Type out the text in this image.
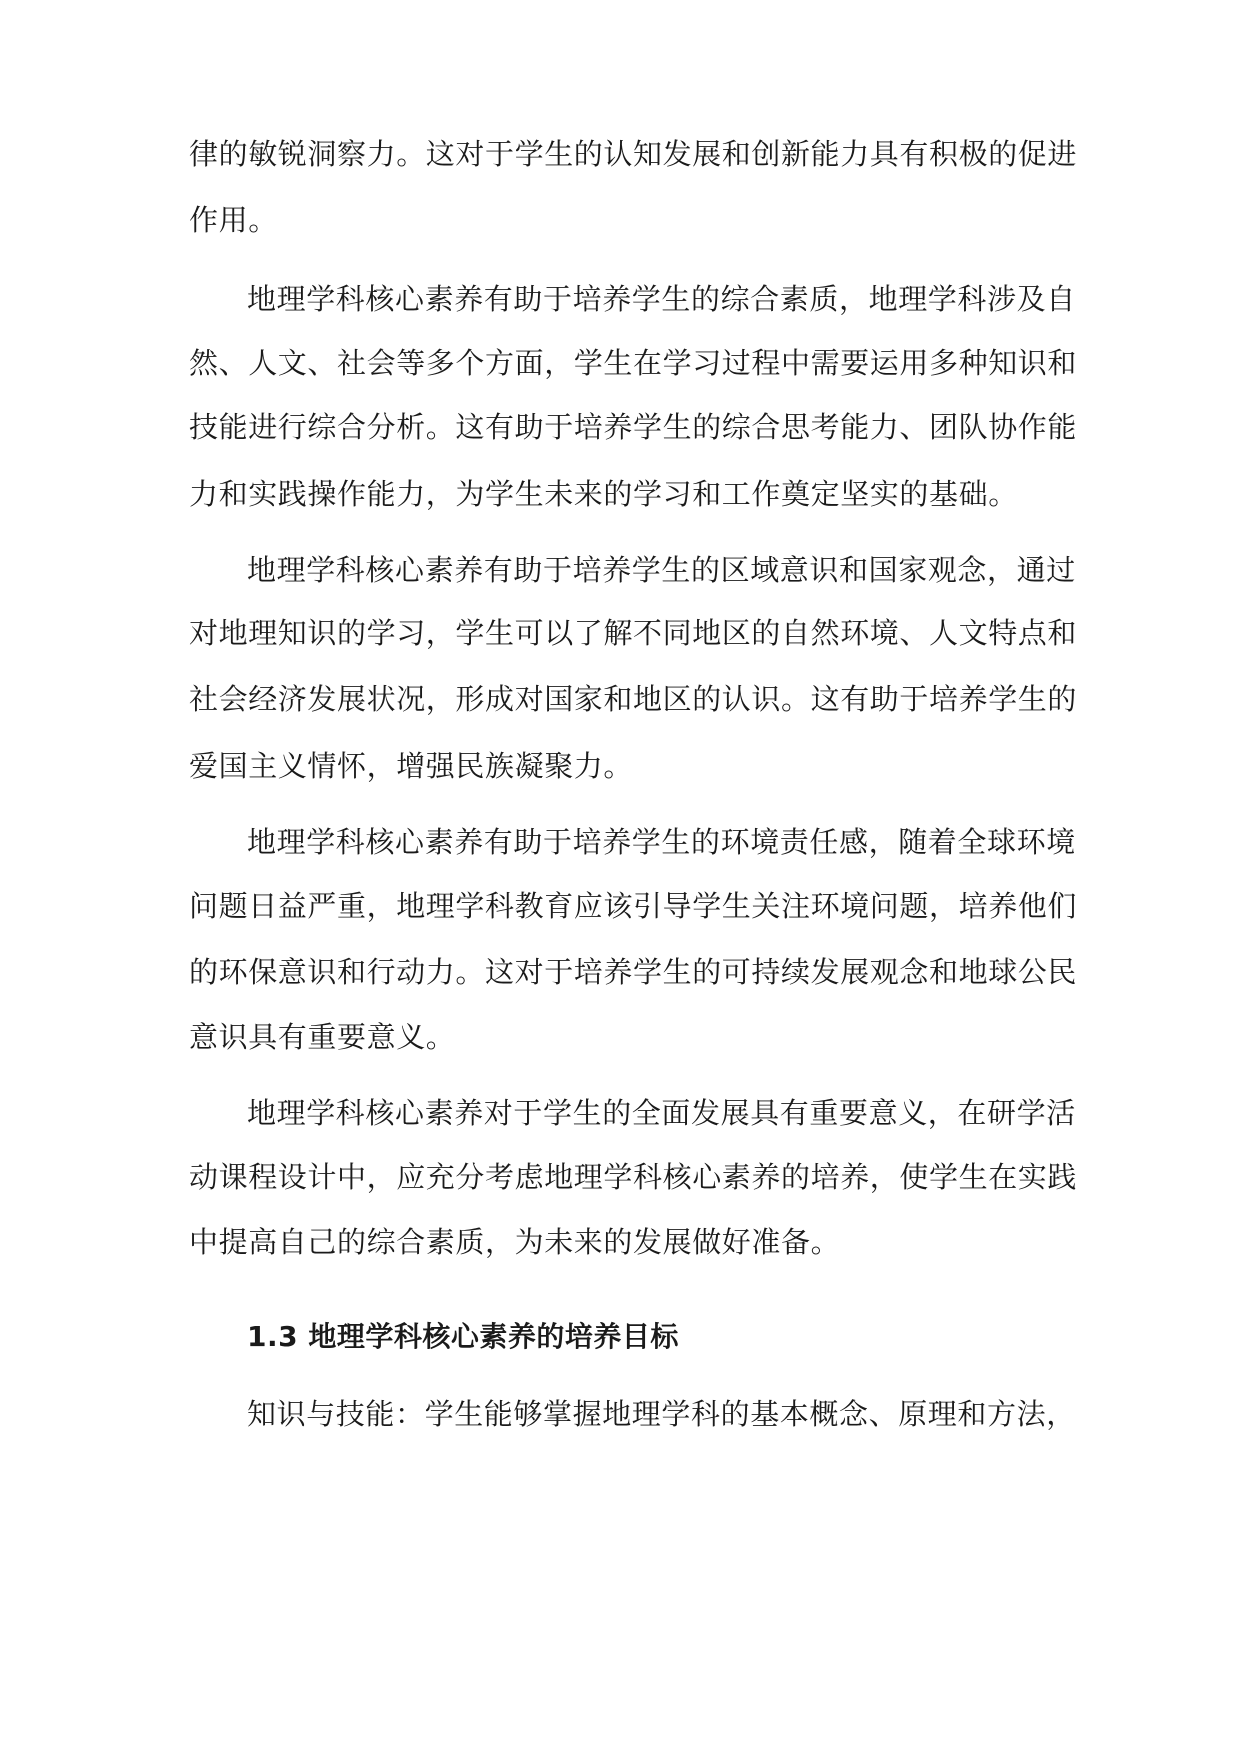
律的敏锐洞察力。这对于学生的认知发展和创新能力具有积极的促进
作用。
地理学科核心素养有助于培养学生的综合素质，地理学科涉及自
然、人文、社会等多个方面，学生在学习过程中需要运用多种知识和
技能进行综合分析。这有助于培养学生的综合思考能力、团队协作能
力和实践操作能力，为学生未来的学习和工作奠定坚实的基础。
地理学科核心素养有助于培养学生的区域意识和国家观念，通过
对地理知识的学习，学生可以了解不同地区的自然环境、人文特点和
社会经济发展状况，形成对国家和地区的认识。这有助于培养学生的
爱国主义情怀，增强民族凝聚力。
地理学科核心素养有助于培养学生的环境责任感，随着全球环境
问题日益严重，地理学科教育应该引导学生关注环境问题，培养他们
的环保意识和行动力。这对于培养学生的可持续发展观念和地球公民
意识具有重要意义。
地理学科核心素养对于学生的全面发展具有重要意义，在研学活
动课程设计中，应充分考虑地理学科核心素养的培养，使学生在实践
中提高自己的综合素质，为未来的发展做好准备。
1.3 地理学科核心素养的培养目标
知识与技能：学生能够掌握地理学科的基本概念、原理和方法，
